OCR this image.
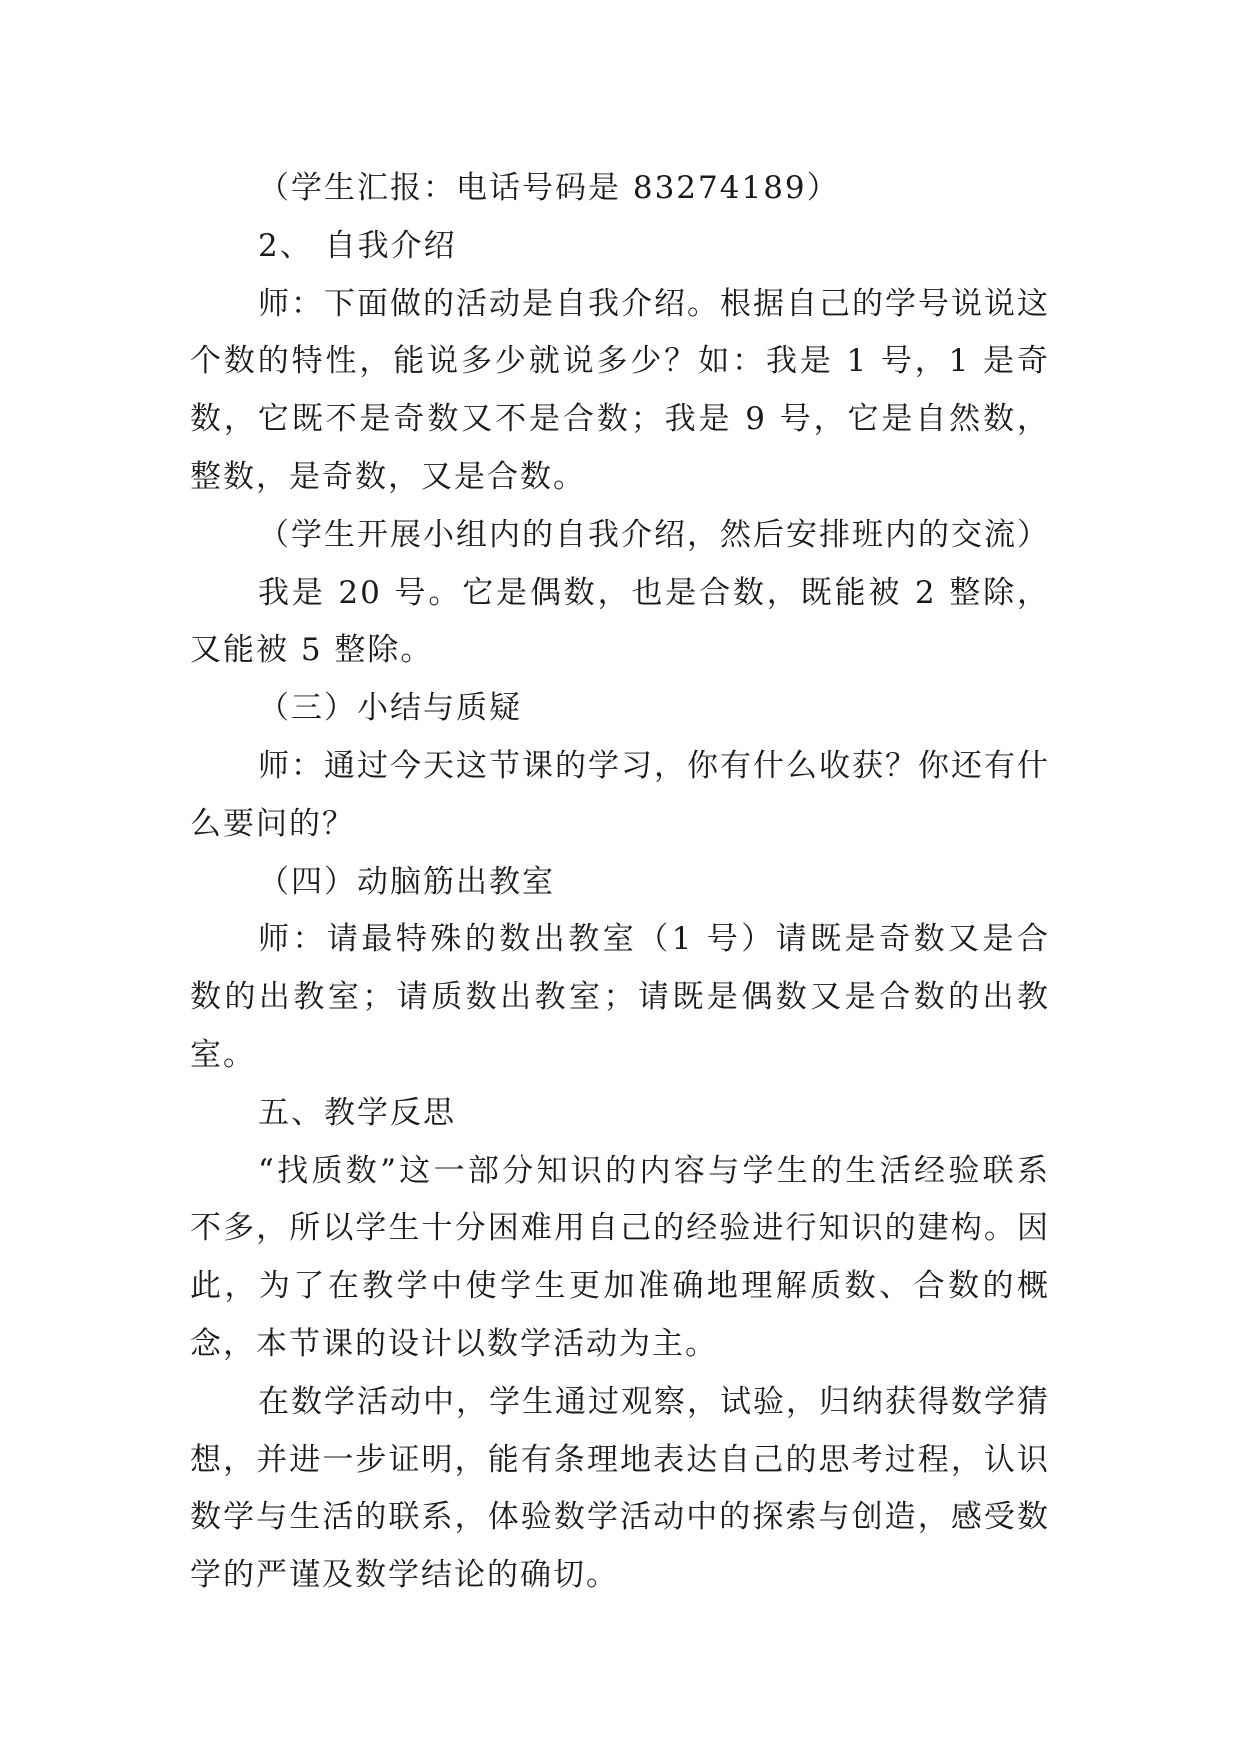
（学生汇报：电话号码是 83274189）

2、 自我介绍

师：下面做的活动是自我介绍。根据自己的学号说说这个数的特性，能说多少就说多少？如：我是 1 号，1 是奇数，它既不是奇数又不是合数；我是 9 号，它是自然数，整数，是奇数，又是合数。

（学生开展小组内的自我介绍，然后安排班内的交流）

我是 20 号。它是偶数，也是合数，既能被 2 整除，又能被 5 整除。

（三）小结与质疑

师：通过今天这节课的学习，你有什么收获？你还有什么要问的？

（四）动脑筋出教室

师：请最特殊的数出教室（1 号）请既是奇数又是合数的出教室；请质数出教室；请既是偶数又是合数的出教室。

五、教学反思

“找质数”这一部分知识的内容与学生的生活经验联系不多，所以学生十分困难用自己的经验进行知识的建构。因此，为了在教学中使学生更加准确地理解质数、合数的概念，本节课的设计以数学活动为主。

在数学活动中，学生通过观察，试验，归纳获得数学猜想，并进一步证明，能有条理地表达自己的思考过程，认识数学与生活的联系，体验数学活动中的探索与创造，感受数学的严谨及数学结论的确切。
